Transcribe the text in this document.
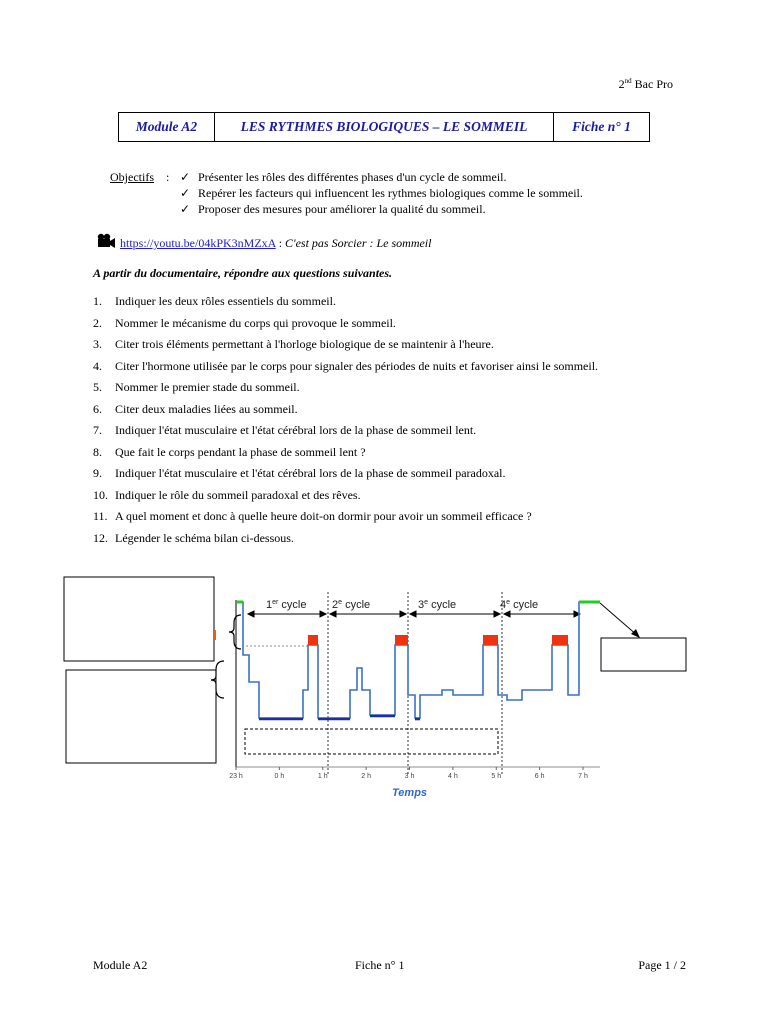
2nd Bac Pro
Module A2	LES RYTHMES BIOLOGIQUES – LE SOMMEIL	Fiche n° 1
Objectifs : ✓ Présenter les rôles des différentes phases d'un cycle de sommeil.
✓ Repérer les facteurs qui influencent les rythmes biologiques comme le sommeil.
✓ Proposer des mesures pour améliorer la qualité du sommeil.
https://youtu.be/04kPK3nMZxA : C'est pas Sorcier : Le sommeil
A partir du documentaire, répondre aux questions suivantes.
1. Indiquer les deux rôles essentiels du sommeil.
2. Nommer le mécanisme du corps qui provoque le sommeil.
3. Citer trois éléments permettant à l'horloge biologique de se maintenir à l'heure.
4. Citer l'hormone utilisée par le corps pour signaler des périodes de nuits et favoriser ainsi le sommeil.
5. Nommer le premier stade du sommeil.
6. Citer deux maladies liées au sommeil.
7. Indiquer l'état musculaire et l'état cérébral lors de la phase de sommeil lent.
8. Que fait le corps pendant la phase de sommeil lent ?
9. Indiquer l'état musculaire et l'état cérébral lors de la phase de sommeil paradoxal.
10. Indiquer le rôle du sommeil paradoxal et des rêves.
11. A quel moment et donc à quelle heure doit-on dormir pour avoir un sommeil efficace ?
12. Légender le schéma bilan ci-dessous.
1er cycle 2e cycle	3e cycle	4e cycle
23 h	0 h	1 h	2 h	3 h	4 h	5 h	6 h	7 h
Temps
Module A2	Fiche n° 1	Page 1 / 2
